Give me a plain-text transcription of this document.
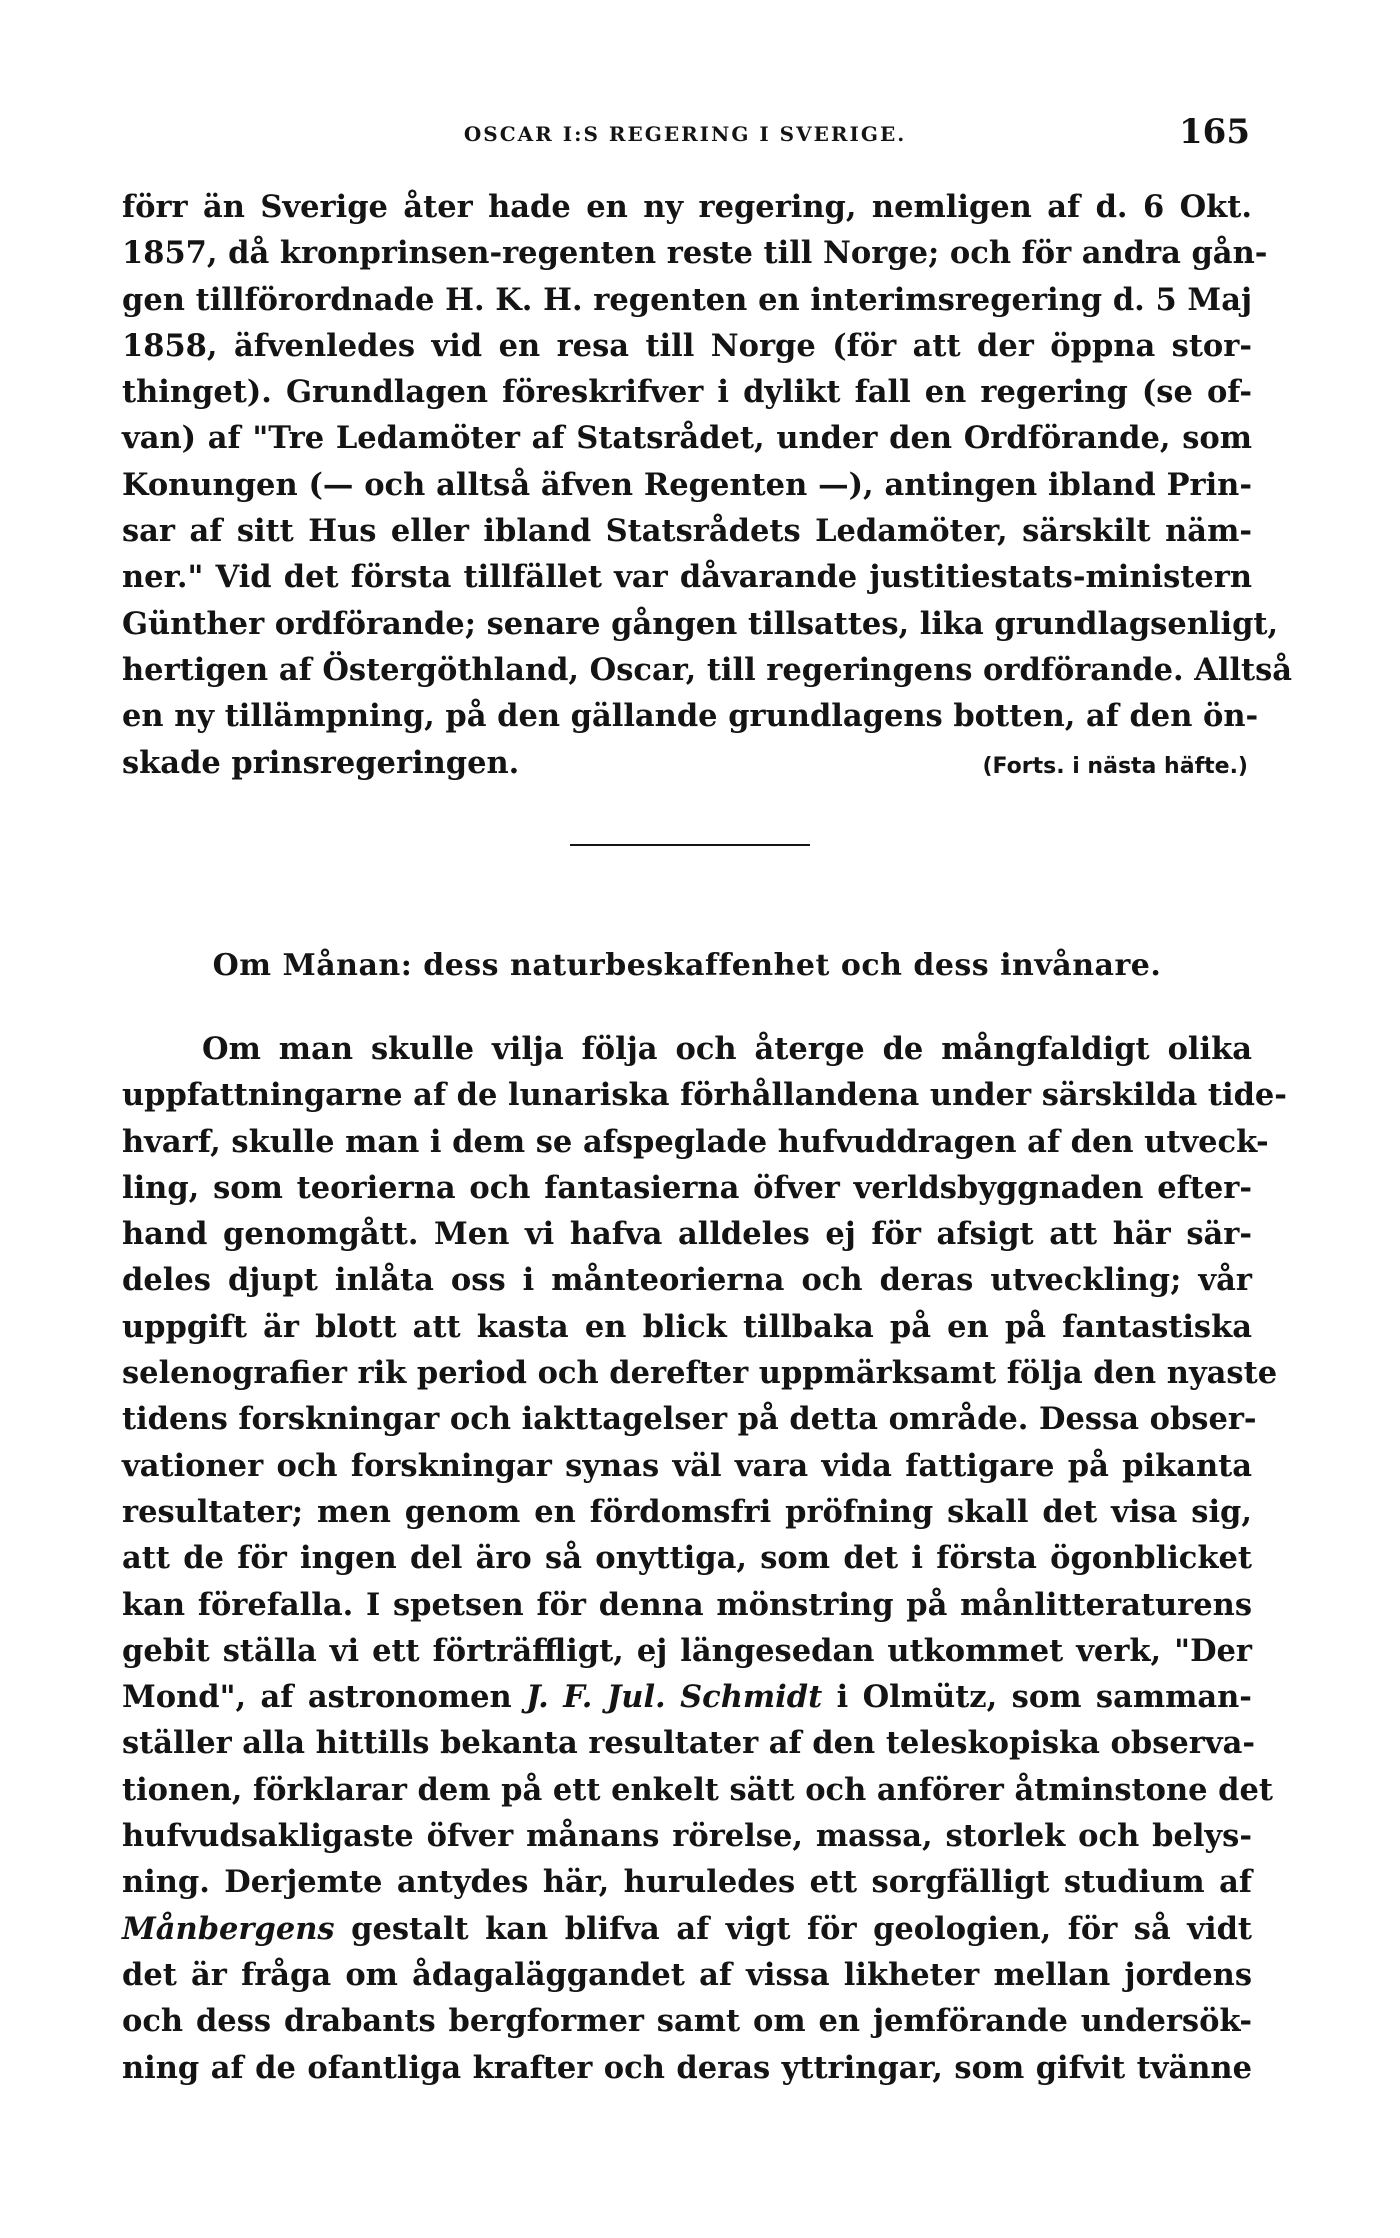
OSCAR I:S REGERING I SVERIGE.	165
förr än Sverige åter hade en ny regering, nemligen af d. 6 Okt.
1857, då kronprinsen-regenten reste till Norge; och för andra gån-
gen tillförordnade H. K. H. regenten en interimsregering d. 5 Maj
1858, äfvenledes vid en resa till Norge (för att der öppna stor-
thinget). Grundlagen föreskrifver i dylikt fall en regering (se of-
van) af "Tre Ledamöter af Statsrådet, under den Ordförande, som
Konungen (— och alltså äfven Regenten —), antingen ibland Prin-
sar af sitt Hus eller ibland Statsrådets Ledamöter, särskilt näm-
ner." Vid det första tillfället var dåvarande justitiestats-ministern
Günther ordförande; senare gången tillsattes, lika grundlagsenligt,
hertigen af Östergöthland, Oscar, till regeringens ordförande. Alltså
en ny tillämpning, på den gällande grundlagens botten, af den ön-
skade prinsregeringen.	(Forts. i nästa häfte.)
Om Månan: dess naturbeskaffenhet och dess invånare.
Om man skulle vilja följa och återge de mångfaldigt olika
uppfattningarne af de lunariska förhållandena under särskilda tide-
hvarf, skulle man i dem se afspeglade hufvuddragen af den utveck-
ling, som teorierna och fantasierna öfver verldsbyggnaden efter-
hand genomgått. Men vi hafva alldeles ej för afsigt att här sär-
deles djupt inlåta oss i månteorierna och deras utveckling; vår
uppgift är blott att kasta en blick tillbaka på en på fantastiska
selenografier rik period och derefter uppmärksamt följa den nyaste
tidens forskningar och iakttagelser på detta område. Dessa obser-
vationer och forskningar synas väl vara vida fattigare på pikanta
resultater; men genom en fördomsfri pröfning skall det visa sig,
att de för ingen del äro så onyttiga, som det i första ögonblicket
kan förefalla. I spetsen för denna mönstring på månlitteraturens
gebit ställa vi ett förträffligt, ej längesedan utkommet verk, "Der
Mond", af astronomen J. F. Jul. Schmidt i Olmütz, som samman-
ställer alla hittills bekanta resultater af den teleskopiska observa-
tionen, förklarar dem på ett enkelt sätt och anförer åtminstone det
hufvudsakligaste öfver månans rörelse, massa, storlek och belys-
ning. Derjemte antydes här, huruledes ett sorgfälligt studium af
Månbergens gestalt kan blifva af vigt för geologien, för så vidt
det är fråga om ådagaläggandet af vissa likheter mellan jordens
och dess drabants bergformer samt om en jemförande undersök-
ning af de ofantliga krafter och deras yttringar, som gifvit tvänne
